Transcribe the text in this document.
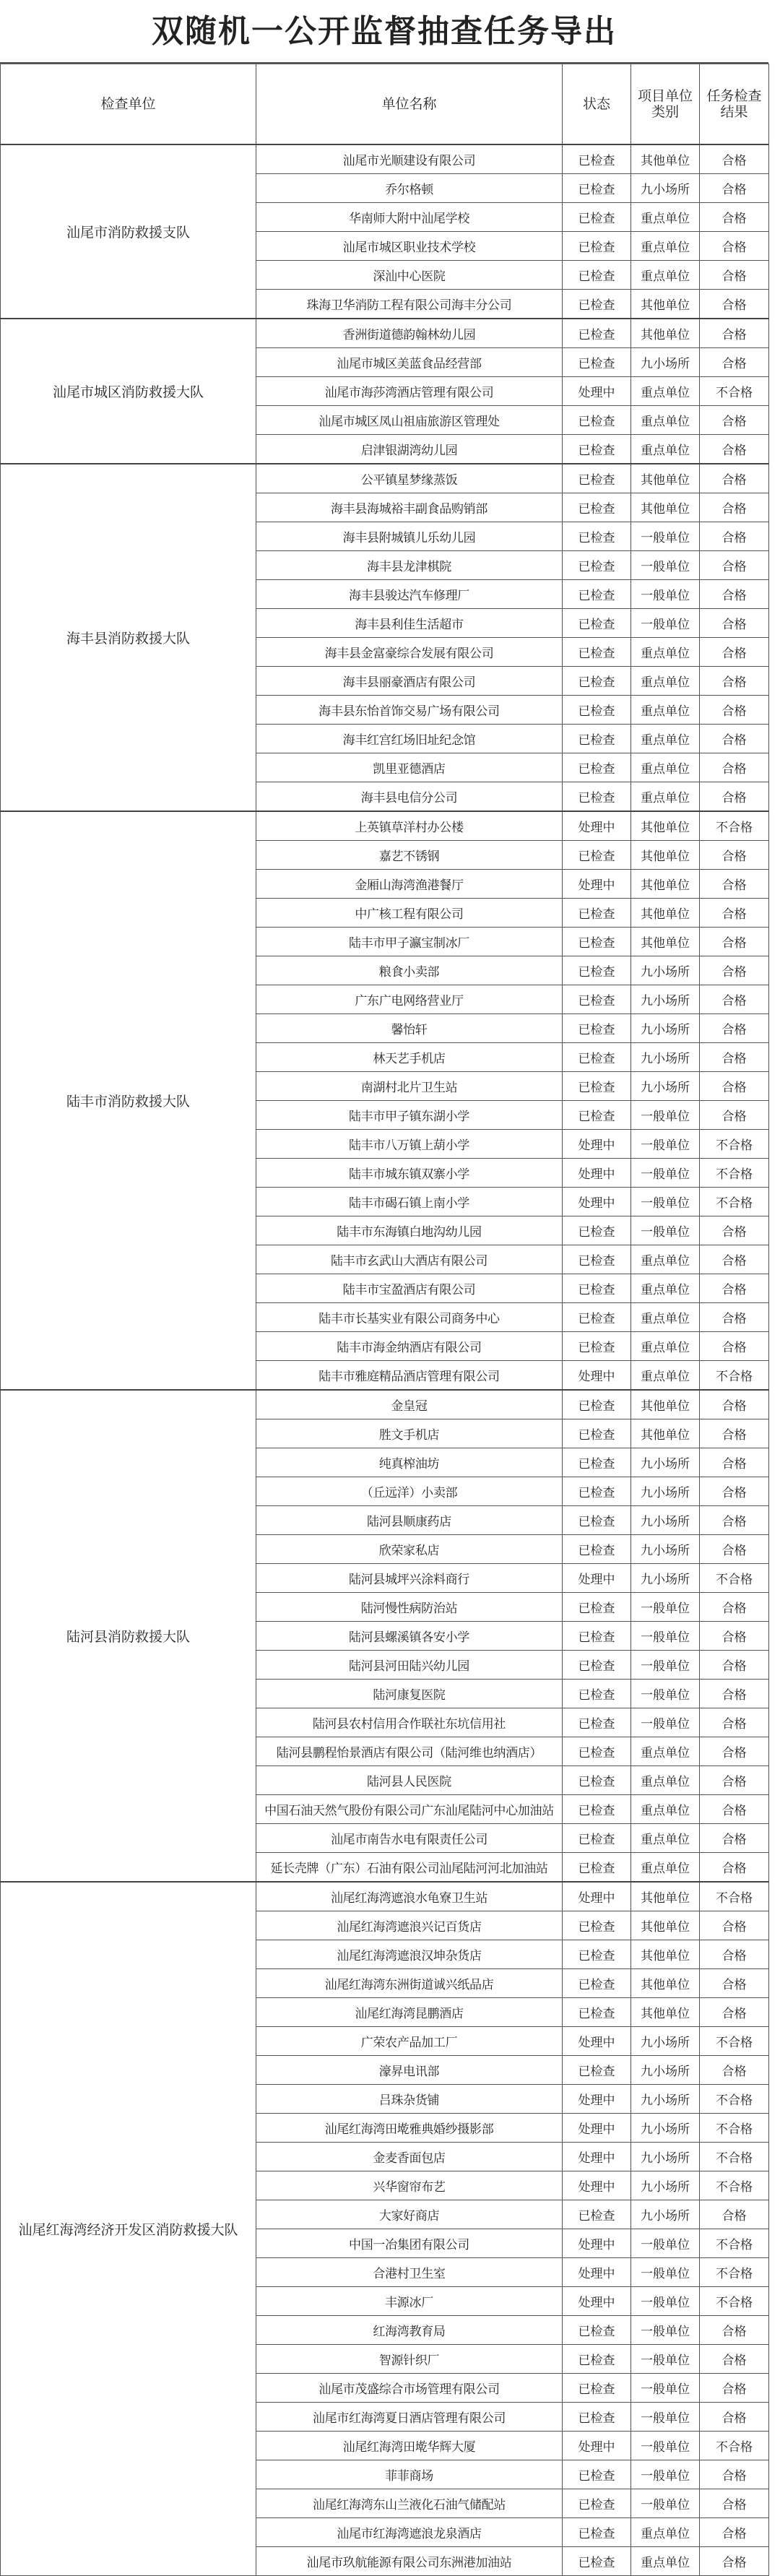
双随机一公开监督抽查任务导出
检查单位	单位名称	状态	项目单位类别	任务检查结果
汕尾市消防救援支队	汕尾市光顺建设有限公司	已检查	其他单位	合格
	乔尔格顿	已检查	九小场所	合格
	华南师大附中汕尾学校	已检查	重点单位	合格
	汕尾市城区职业技术学校	已检查	重点单位	合格
	深汕中心医院	已检查	重点单位	合格
	珠海卫华消防工程有限公司海丰分公司	已检查	其他单位	合格
汕尾市城区消防救援大队	香洲街道德韵翰林幼儿园	已检查	其他单位	合格
	汕尾市城区美蓝食品经营部	已检查	九小场所	合格
	汕尾市海莎湾酒店管理有限公司	处理中	重点单位	不合格
	汕尾市城区凤山祖庙旅游区管理处	已检查	重点单位	合格
	启津银湖湾幼儿园	已检查	重点单位	合格
海丰县消防救援大队	公平镇星梦缘蒸饭	已检查	其他单位	合格
	海丰县海城裕丰副食品购销部	已检查	其他单位	合格
	海丰县附城镇儿乐幼儿园	已检查	一般单位	合格
	海丰县龙津棋院	已检查	一般单位	合格
	海丰县骏达汽车修理厂	已检查	一般单位	合格
	海丰县利佳生活超市	已检查	一般单位	合格
	海丰县金富豪综合发展有限公司	已检查	重点单位	合格
	海丰县丽豪酒店有限公司	已检查	重点单位	合格
	海丰县东怡首饰交易广场有限公司	已检查	重点单位	合格
	海丰红宫红场旧址纪念馆	已检查	重点单位	合格
	凯里亚德酒店	已检查	重点单位	合格
	海丰县电信分公司	已检查	重点单位	合格
陆丰市消防救援大队	上英镇草洋村办公楼	处理中	其他单位	不合格
	嘉艺不锈钢	已检查	其他单位	合格
	金厢山海湾渔港餐厅	处理中	其他单位	合格
	中广核工程有限公司	已检查	其他单位	合格
	陆丰市甲子瀛宝制冰厂	已检查	其他单位	合格
	粮食小卖部	已检查	九小场所	合格
	广东广电网络营业厅	已检查	九小场所	合格
	馨怡轩	已检查	九小场所	合格
	林天艺手机店	已检查	九小场所	合格
	南湖村北片卫生站	已检查	九小场所	合格
	陆丰市甲子镇东湖小学	已检查	一般单位	合格
	陆丰市八万镇上葫小学	处理中	一般单位	不合格
	陆丰市城东镇双寨小学	处理中	一般单位	不合格
	陆丰市碣石镇上南小学	处理中	一般单位	不合格
	陆丰市东海镇白地沟幼儿园	已检查	一般单位	合格
	陆丰市玄武山大酒店有限公司	已检查	重点单位	合格
	陆丰市宝盈酒店有限公司	已检查	重点单位	合格
	陆丰市长基实业有限公司商务中心	已检查	重点单位	合格
	陆丰市海金纳酒店有限公司	已检查	重点单位	合格
	陆丰市雅庭精品酒店管理有限公司	处理中	重点单位	不合格
陆河县消防救援大队	金皇冠	已检查	其他单位	合格
	胜文手机店	已检查	其他单位	合格
	纯真榨油坊	已检查	九小场所	合格
	（丘远洋）小卖部	已检查	九小场所	合格
	陆河县顺康药店	已检查	九小场所	合格
	欣荣家私店	已检查	九小场所	合格
	陆河县城坪兴涂料商行	处理中	九小场所	不合格
	陆河慢性病防治站	已检查	一般单位	合格
	陆河县螺溪镇各安小学	已检查	一般单位	合格
	陆河县河田陆兴幼儿园	已检查	一般单位	合格
	陆河康复医院	已检查	一般单位	合格
	陆河县农村信用合作联社东坑信用社	已检查	一般单位	合格
	陆河县鹏程怡景酒店有限公司（陆河维也纳酒店）	已检查	重点单位	合格
	陆河县人民医院	已检查	重点单位	合格
	中国石油天然气股份有限公司广东汕尾陆河中心加油站	已检查	重点单位	合格
	汕尾市南告水电有限责任公司	已检查	重点单位	合格
	延长壳牌（广东）石油有限公司汕尾陆河河北加油站	已检查	重点单位	合格
汕尾红海湾经济开发区消防救援大队	汕尾红海湾遮浪水龟寮卫生站	处理中	其他单位	不合格
	汕尾红海湾遮浪兴记百货店	已检查	其他单位	合格
	汕尾红海湾遮浪汉坤杂货店	已检查	其他单位	合格
	汕尾红海湾东洲街道诚兴纸品店	已检查	其他单位	合格
	汕尾红海湾昆鹏酒店	已检查	其他单位	合格
	广荣农产品加工厂	处理中	九小场所	不合格
	濠昇电讯部	已检查	九小场所	合格
	吕珠杂货铺	处理中	九小场所	不合格
	汕尾红海湾田墘雅典婚纱摄影部	处理中	九小场所	不合格
	金麦香面包店	处理中	九小场所	不合格
	兴华窗帘布艺	处理中	九小场所	不合格
	大家好商店	已检查	九小场所	合格
	中国一冶集团有限公司	处理中	一般单位	不合格
	合港村卫生室	处理中	一般单位	不合格
	丰源冰厂	处理中	一般单位	不合格
	红海湾教育局	已检查	一般单位	合格
	智源针织厂	已检查	一般单位	合格
	汕尾市茂盛综合市场管理有限公司	已检查	一般单位	合格
	汕尾市红海湾夏日酒店管理有限公司	已检查	一般单位	合格
	汕尾红海湾田墘华辉大厦	处理中	一般单位	不合格
	菲菲商场	已检查	一般单位	合格
	汕尾红海湾东山兰液化石油气储配站	已检查	一般单位	合格
	汕尾市红海湾遮浪龙泉酒店	已检查	重点单位	合格
	汕尾市玖航能源有限公司东洲港加油站	已检查	重点单位	合格
